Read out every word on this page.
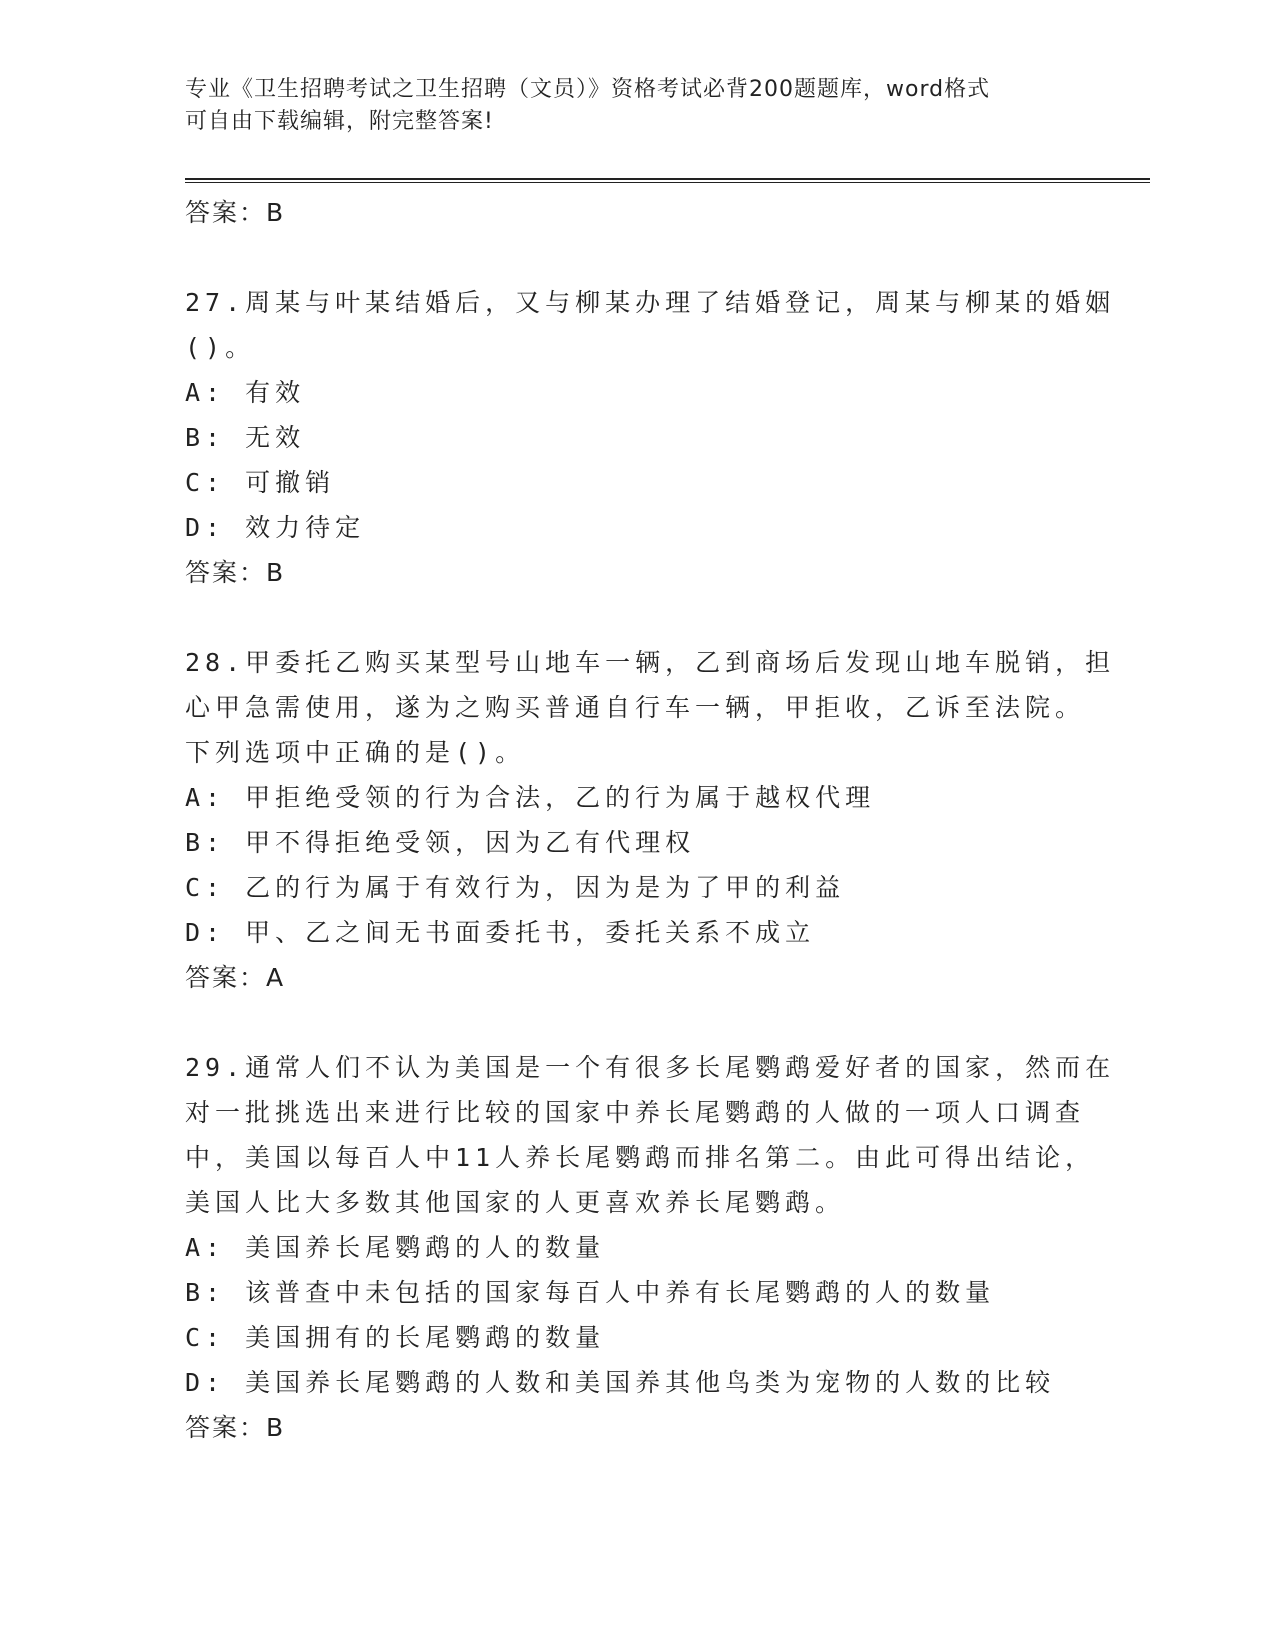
专业《卫生招聘考试之卫生招聘（文员）》资格考试必背200题题库，word格式
可自由下载编辑，附完整答案!
答案：B
27.周某与叶某结婚后，又与柳某办理了结婚登记，周某与柳某的婚姻
()。
A: 有效
B: 无效
C: 可撤销
D: 效力待定
答案：B
28.甲委托乙购买某型号山地车一辆，乙到商场后发现山地车脱销，担
心甲急需使用，遂为之购买普通自行车一辆，甲拒收，乙诉至法院。
下列选项中正确的是()。
A: 甲拒绝受领的行为合法，乙的行为属于越权代理
B: 甲不得拒绝受领，因为乙有代理权
C: 乙的行为属于有效行为，因为是为了甲的利益
D: 甲、乙之间无书面委托书，委托关系不成立
答案：A
29.通常人们不认为美国是一个有很多长尾鹦鹉爱好者的国家，然而在
对一批挑选出来进行比较的国家中养长尾鹦鹉的人做的一项人口调查
中，美国以每百人中11人养长尾鹦鹉而排名第二。由此可得出结论，
美国人比大多数其他国家的人更喜欢养长尾鹦鹉。
A: 美国养长尾鹦鹉的人的数量
B: 该普查中未包括的国家每百人中养有长尾鹦鹉的人的数量
C: 美国拥有的长尾鹦鹉的数量
D: 美国养长尾鹦鹉的人数和美国养其他鸟类为宠物的人数的比较
答案：B
